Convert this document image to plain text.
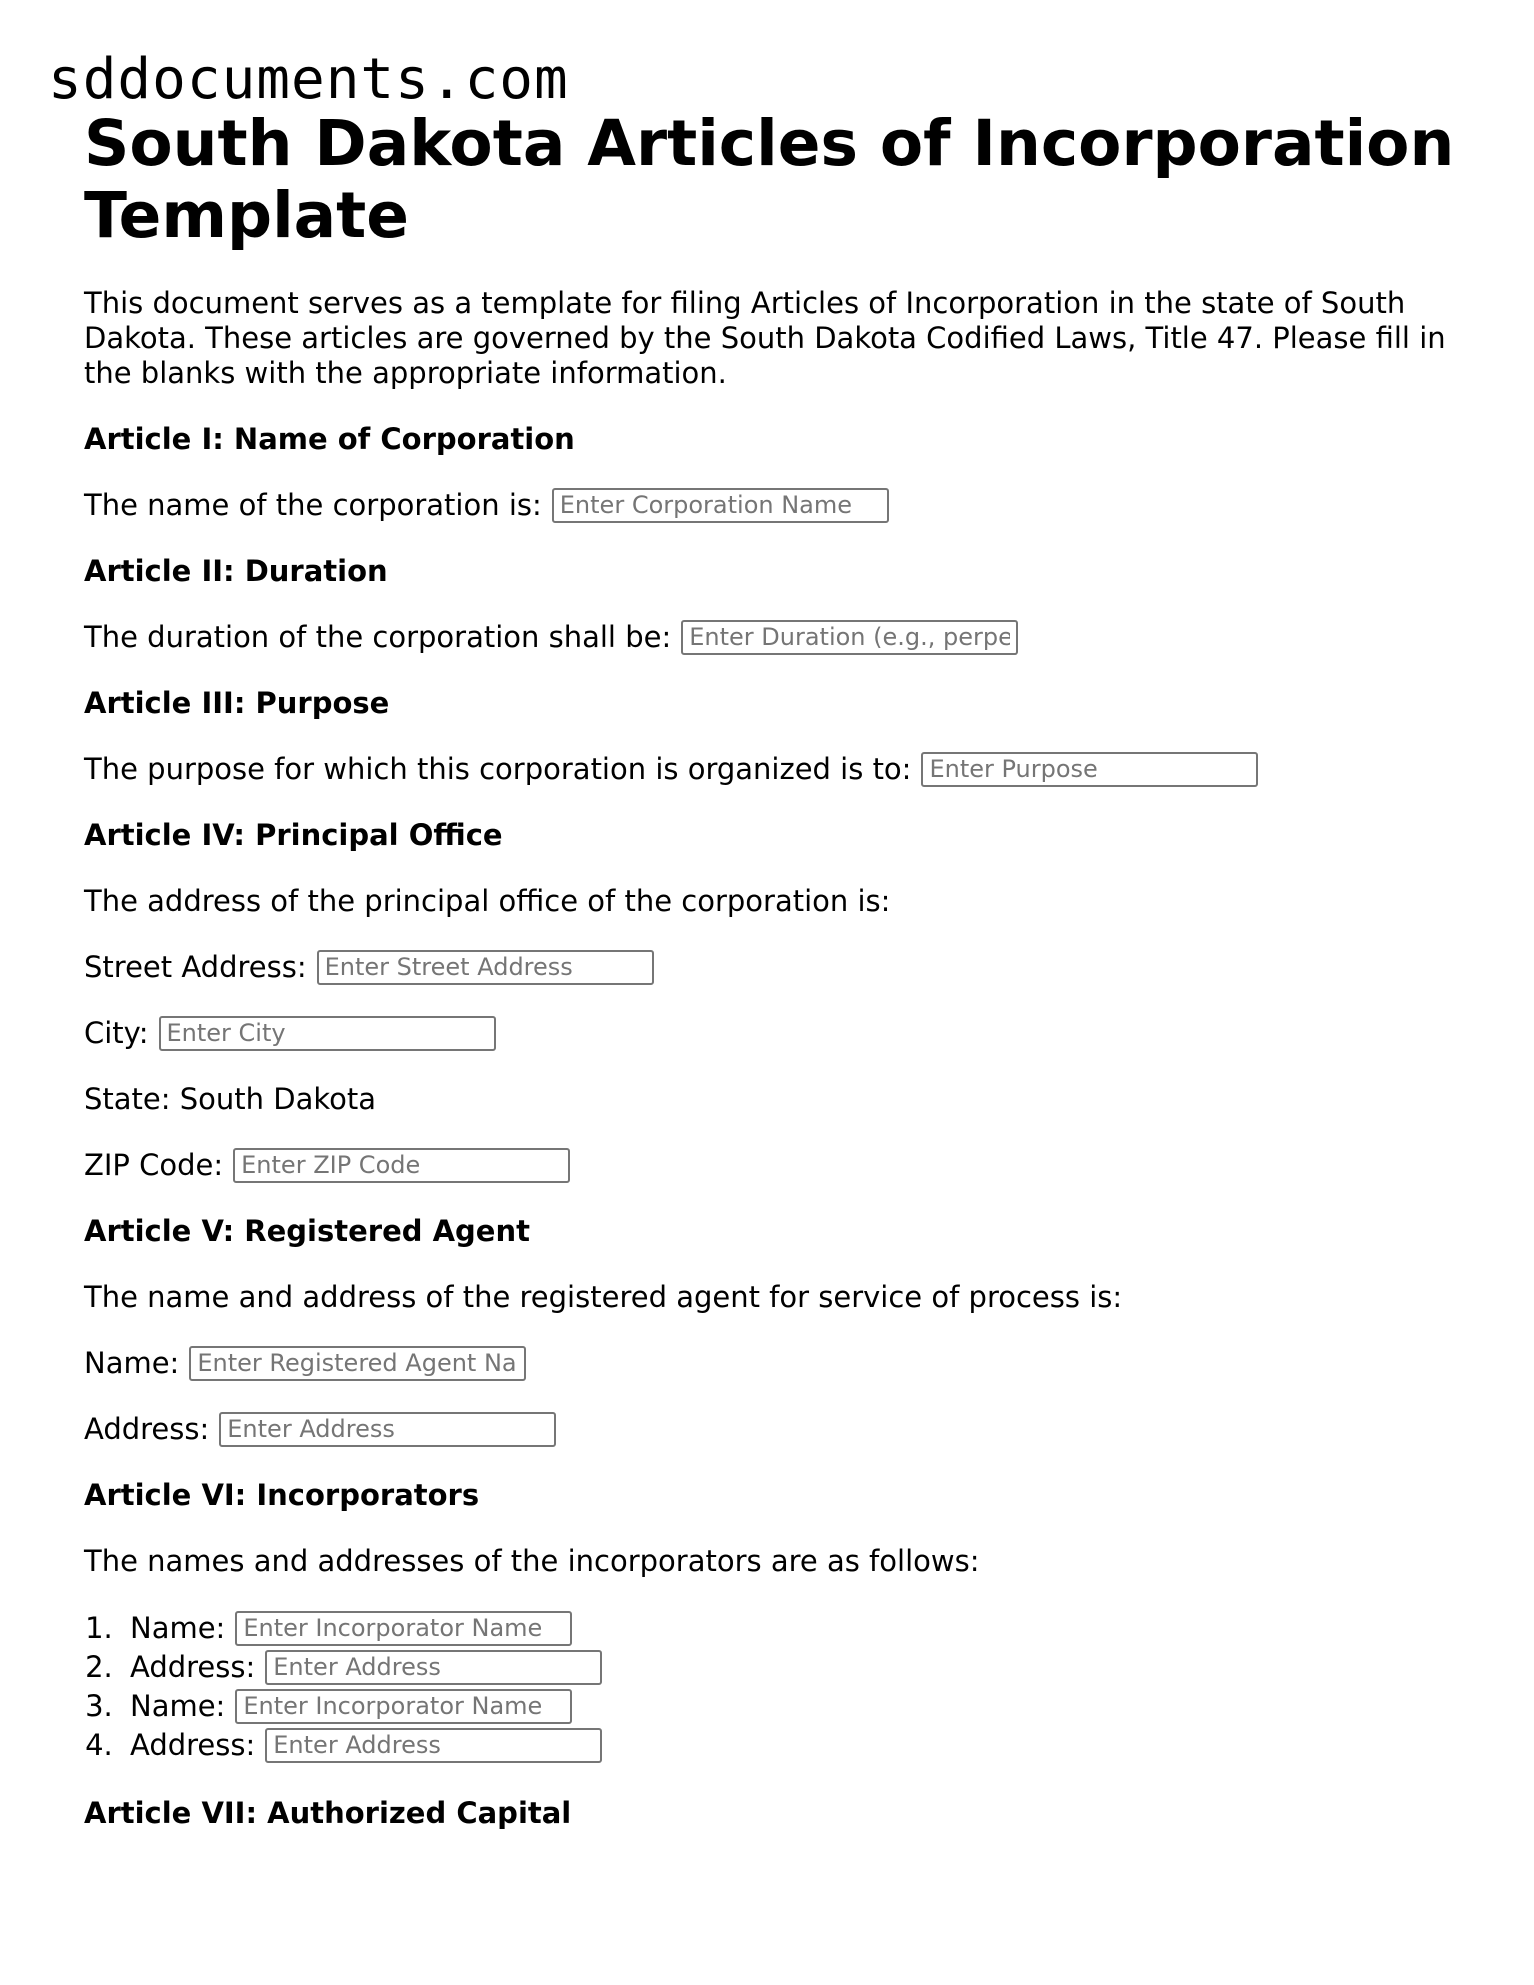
sddocuments.com
South Dakota Articles of Incorporation Template

This document serves as a template for filing Articles of Incorporation in the state of South Dakota. These articles are governed by the South Dakota Codified Laws, Title 47. Please fill in the blanks with the appropriate information.

Article I: Name of Corporation
The name of the corporation is:
Enter Corporation Name
Article II: Duration
The duration of the corporation shall be:
Enter Duration (e.g., perpetual)
Article III: Purpose
The purpose for which this corporation is organized is to:
Enter Purpose
Article IV: Principal Office
The address of the principal office of the corporation is:
Street Address:
Enter Street Address
City:
Enter City
State: South Dakota
ZIP Code:
Enter ZIP Code
Article V: Registered Agent
The name and address of the registered agent for service of process is:
Name:
Enter Registered Agent Name
Address:
Enter Address
Article VI: Incorporators
The names and addresses of the incorporators are as follows:
1. Name:
Enter Incorporator Name
2. Address:
Enter Address
3. Name:
Enter Incorporator Name
4. Address:
Enter Address
Article VII: Authorized Capital
